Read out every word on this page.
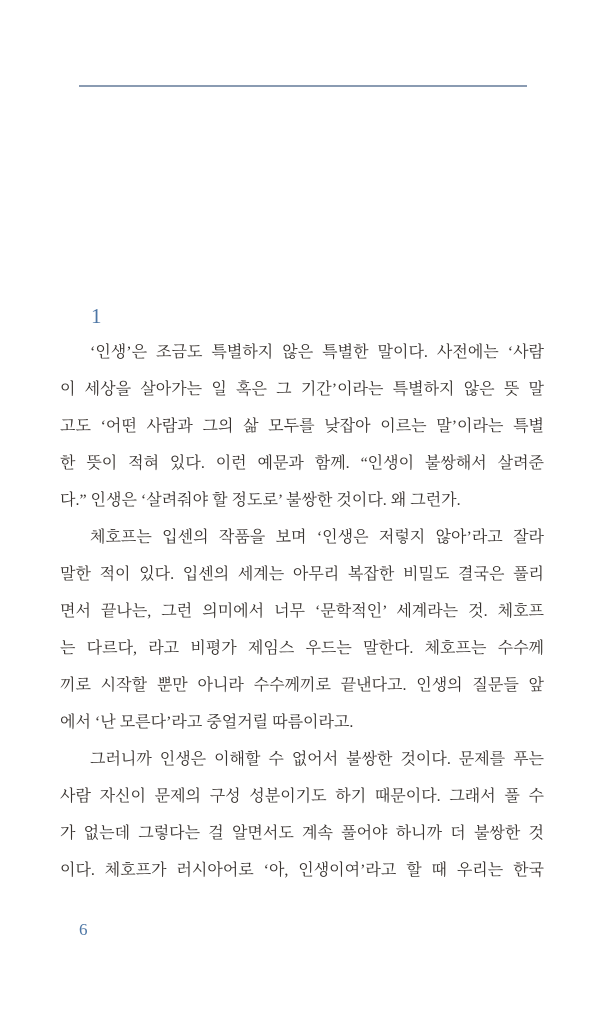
1
‘인생’은 조금도 특별하지 않은 특별한 말이다. 사전에는 ‘사람
이 세상을 살아가는 일 혹은 그 기간’이라는 특별하지 않은 뜻 말
고도 ‘어떤 사람과 그의 삶 모두를 낮잡아 이르는 말’이라는 특별
한 뜻이 적혀 있다. 이런 예문과 함께. “인생이 불쌍해서 살려준
다.” 인생은 ‘살려줘야 할 정도로’ 불쌍한 것이다. 왜 그런가.
체호프는 입센의 작품을 보며 ‘인생은 저렇지 않아’라고 잘라
말한 적이 있다. 입센의 세계는 아무리 복잡한 비밀도 결국은 풀리
면서 끝나는, 그런 의미에서 너무 ‘문학적인’ 세계라는 것. 체호프
는 다르다, 라고 비평가 제임스 우드는 말한다. 체호프는 수수께
끼로 시작할 뿐만 아니라 수수께끼로 끝낸다고. 인생의 질문들 앞
에서 ‘난 모른다’라고 중얼거릴 따름이라고.
그러니까 인생은 이해할 수 없어서 불쌍한 것이다. 문제를 푸는
사람 자신이 문제의 구성 성분이기도 하기 때문이다. 그래서 풀 수
가 없는데 그렇다는 걸 알면서도 계속 풀어야 하니까 더 불쌍한 것
이다. 체호프가 러시아어로 ‘아, 인생이여’라고 할 때 우리는 한국
6
